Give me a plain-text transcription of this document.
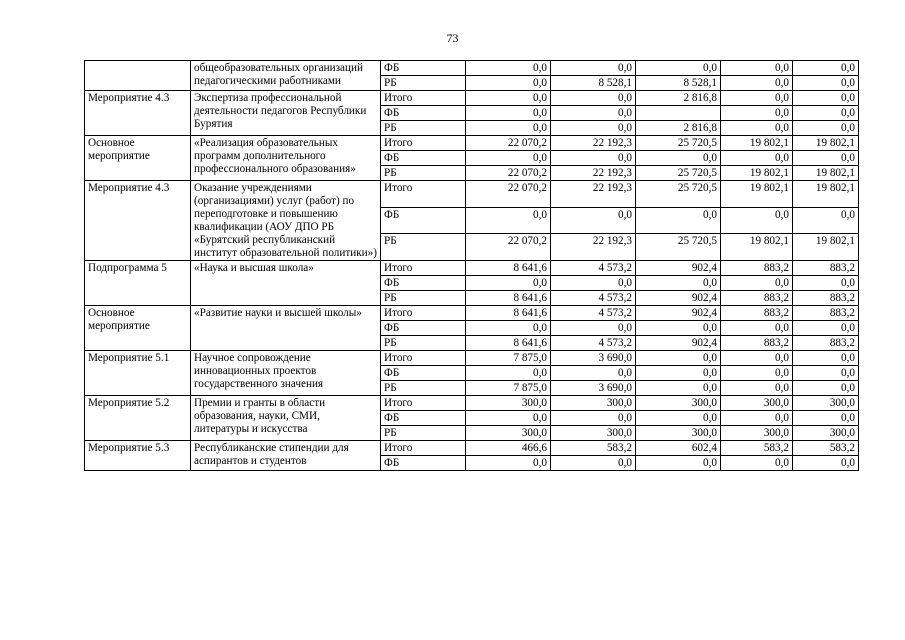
73
	общеобразовательных организаций педагогическими работниками	ФБ	0,0	0,0	0,0	0,0	0,0
		РБ	0,0	8 528,1	8 528,1	0,0	0,0
Мероприятие 4.3	Экспертиза профессиональной деятельности педагогов Республики Бурятия	Итого	0,0	0,0	2 816,8	0,0	0,0
		ФБ	0,0	0,0		0,0	0,0
		РБ	0,0	0,0	2 816,8	0,0	0,0
Основное мероприятие	«Реализация образовательных программ дополнительного профессионального образования»	Итого	22 070,2	22 192,3	25 720,5	19 802,1	19 802,1
		ФБ	0,0	0,0	0,0	0,0	0,0
		РБ	22 070,2	22 192,3	25 720,5	19 802,1	19 802,1
Мероприятие 4.3	Оказание учреждениями (организациями) услуг (работ) по переподготовке и повышению квалификации (АОУ ДПО РБ «Бурятский республиканский институт образовательной политики»)	Итого	22 070,2	22 192,3	25 720,5	19 802,1	19 802,1
		ФБ	0,0	0,0	0,0	0,0	0,0
		РБ	22 070,2	22 192,3	25 720,5	19 802,1	19 802,1
Подпрограмма 5	«Наука и высшая школа»	Итого	8 641,6	4 573,2	902,4	883,2	883,2
		ФБ	0,0	0,0	0,0	0,0	0,0
		РБ	8 641,6	4 573,2	902,4	883,2	883,2
Основное мероприятие	«Развитие науки и высшей школы»	Итого	8 641,6	4 573,2	902,4	883,2	883,2
		ФБ	0,0	0,0	0,0	0,0	0,0
		РБ	8 641,6	4 573,2	902,4	883,2	883,2
Мероприятие 5.1	Научное сопровождение инновационных проектов государственного значения	Итого	7 875,0	3 690,0	0,0	0,0	0,0
		ФБ	0,0	0,0	0,0	0,0	0,0
		РБ	7 875,0	3 690,0	0,0	0,0	0,0
Мероприятие 5.2	Премии и гранты в области образования, науки, СМИ, литературы и искусства	Итого	300,0	300,0	300,0	300,0	300,0
		ФБ	0,0	0,0	0,0	0,0	0,0
		РБ	300,0	300,0	300,0	300,0	300,0
Мероприятие 5.3	Республиканские стипендии для аспирантов и студентов	Итого	466,6	583,2	602,4	583,2	583,2
		ФБ	0,0	0,0	0,0	0,0	0,0
